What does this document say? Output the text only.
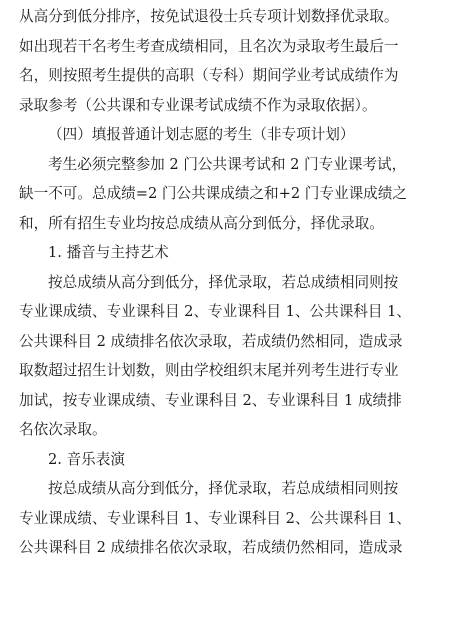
从高分到低分排序，按免试退役士兵专项计划数择优录取。
如出现若干名考生考查成绩相同，且名次为录取考生最后一
名，则按照考生提供的高职（专科）期间学业考试成绩作为
录取参考（公共课和专业课考试成绩不作为录取依据）。
（四）填报普通计划志愿的考生（非专项计划）
考生必须完整参加 2 门公共课考试和 2 门专业课考试，
缺一不可。总成绩=2 门公共课成绩之和+2 门专业课成绩之
和，所有招生专业均按总成绩从高分到低分，择优录取。
1. 播音与主持艺术
按总成绩从高分到低分，择优录取，若总成绩相同则按
专业课成绩、专业课科目 2、专业课科目 1、公共课科目 1、
公共课科目 2 成绩排名依次录取，若成绩仍然相同，造成录
取数超过招生计划数，则由学校组织末尾并列考生进行专业
加试，按专业课成绩、专业课科目 2、专业课科目 1 成绩排
名依次录取。
2. 音乐表演
按总成绩从高分到低分，择优录取，若总成绩相同则按
专业课成绩、专业课科目 1、专业课科目 2、公共课科目 1、
公共课科目 2 成绩排名依次录取，若成绩仍然相同，造成录
